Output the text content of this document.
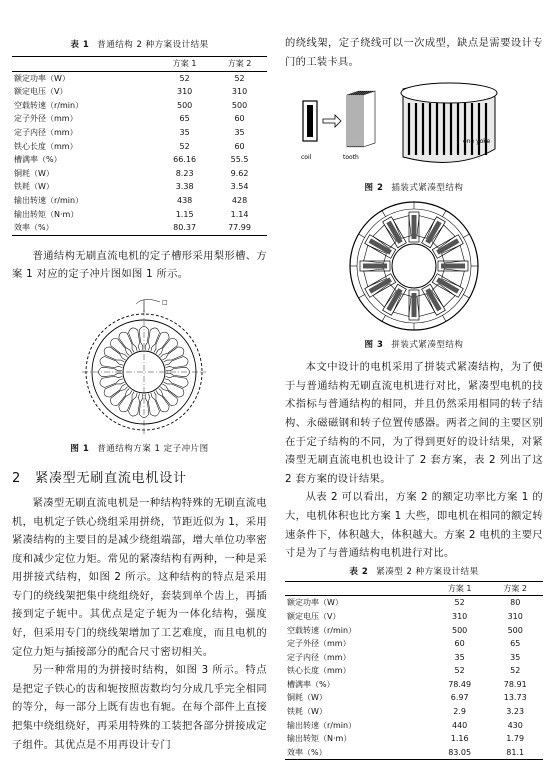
表 1 普通结构 2 种方案设计结果
	方案 1	方案 2
额定功率（W）	52	52
额定电压（V）	310	310
空载转速（r/min）	500	500
定子外径（mm）	65	60
定子内径（mm）	35	35
铁心长度（mm）	52	60
槽满率（%）	66.16	55.5
铜耗（W）	8.23	9.62
铁耗（W）	3.38	3.54
输出转速（r/min）	438	428
输出转矩（N·m）	1.15	1.14
效率（%）	80.37	77.99

普通结构无刷直流电机的定子槽形采用梨形槽、方案 1 对应的定子冲片图如图 1 所示。

□
图 1 普通结构方案 1 定子冲片图
2 紧凑型无刷直流电机设计

紧凑型无刷直流电机是一种结构特殊的无刷直流电机，电机定子铁心绕组采用拼绕，节距近似为 1，采用紧凑结构的主要目的是减少绕组端部，增大单位功率密度和减少定位力矩。常见的紧凑结构有两种，一种是采用拼接式结构，如图 2 所示。这种结构的特点是采用专门的绕线架把集中绕组绕好，套装到单个齿上，再插接到定子轭中。其优点是定子轭为一体化结构，强度好，但采用专门的绕线架增加了工艺难度，而且电机的定位力矩与插接部分的配合尺寸密切相关。

另一种常用的为拼接时结构，如图 3 所示。特点是把定子铁心的齿和轭按照齿数均匀分成几乎完全相同的等分，每一部分上既有齿也有轭。在每个部件上直接把集中绕组绕好，再采用特殊的工装把各部分拼接成定子组件。其优点是不用再设计专门

的绕线架，定子绕线可以一次成型，缺点是需要设计专门的工装卡具。

coil	tooth
one yoke
图 2 插装式紧凑型结构
图 3 拼装式紧凑型结构

本文中设计的电机采用了拼装式紧凑结构，为了便于与普通结构无刷直流电机进行对比，紧凑型电机的技术指标与普通结构的相同，并且仍然采用相同的转子结构、永磁磁钢和转子位置传感器。两者之间的主要区别在于定子结构的不同，为了得到更好的设计结果，对紧凑型无刷直流电机也设计了 2 套方案，表 2 列出了这 2 套方案的设计结果。

从表 2 可以看出，方案 2 的额定功率比方案 1 的大，电机体积也比方案 1 大些，即电机在相同的额定转速条件下，体积越大，体积越大。方案 2 电机的主要尺寸是为了与普通结构电机进行对比。

表 2 紧凑型 2 种方案设计结果
	方案 1	方案 2
额定功率（W）	52	80
额定电压（V）	310	310
空载转速（r/min）	500	500
定子外径（mm）	60	65
定子内径（mm）	35	35
铁心长度（mm）	52	52
槽满率（%）	78.49	78.91
铜耗（W）	6.97	13.73
铁耗（W）	2.9	3.23
输出转速（r/min）	440	430
输出转矩（N·m）	1.16	1.79
效率（%）	83.05	81.1
